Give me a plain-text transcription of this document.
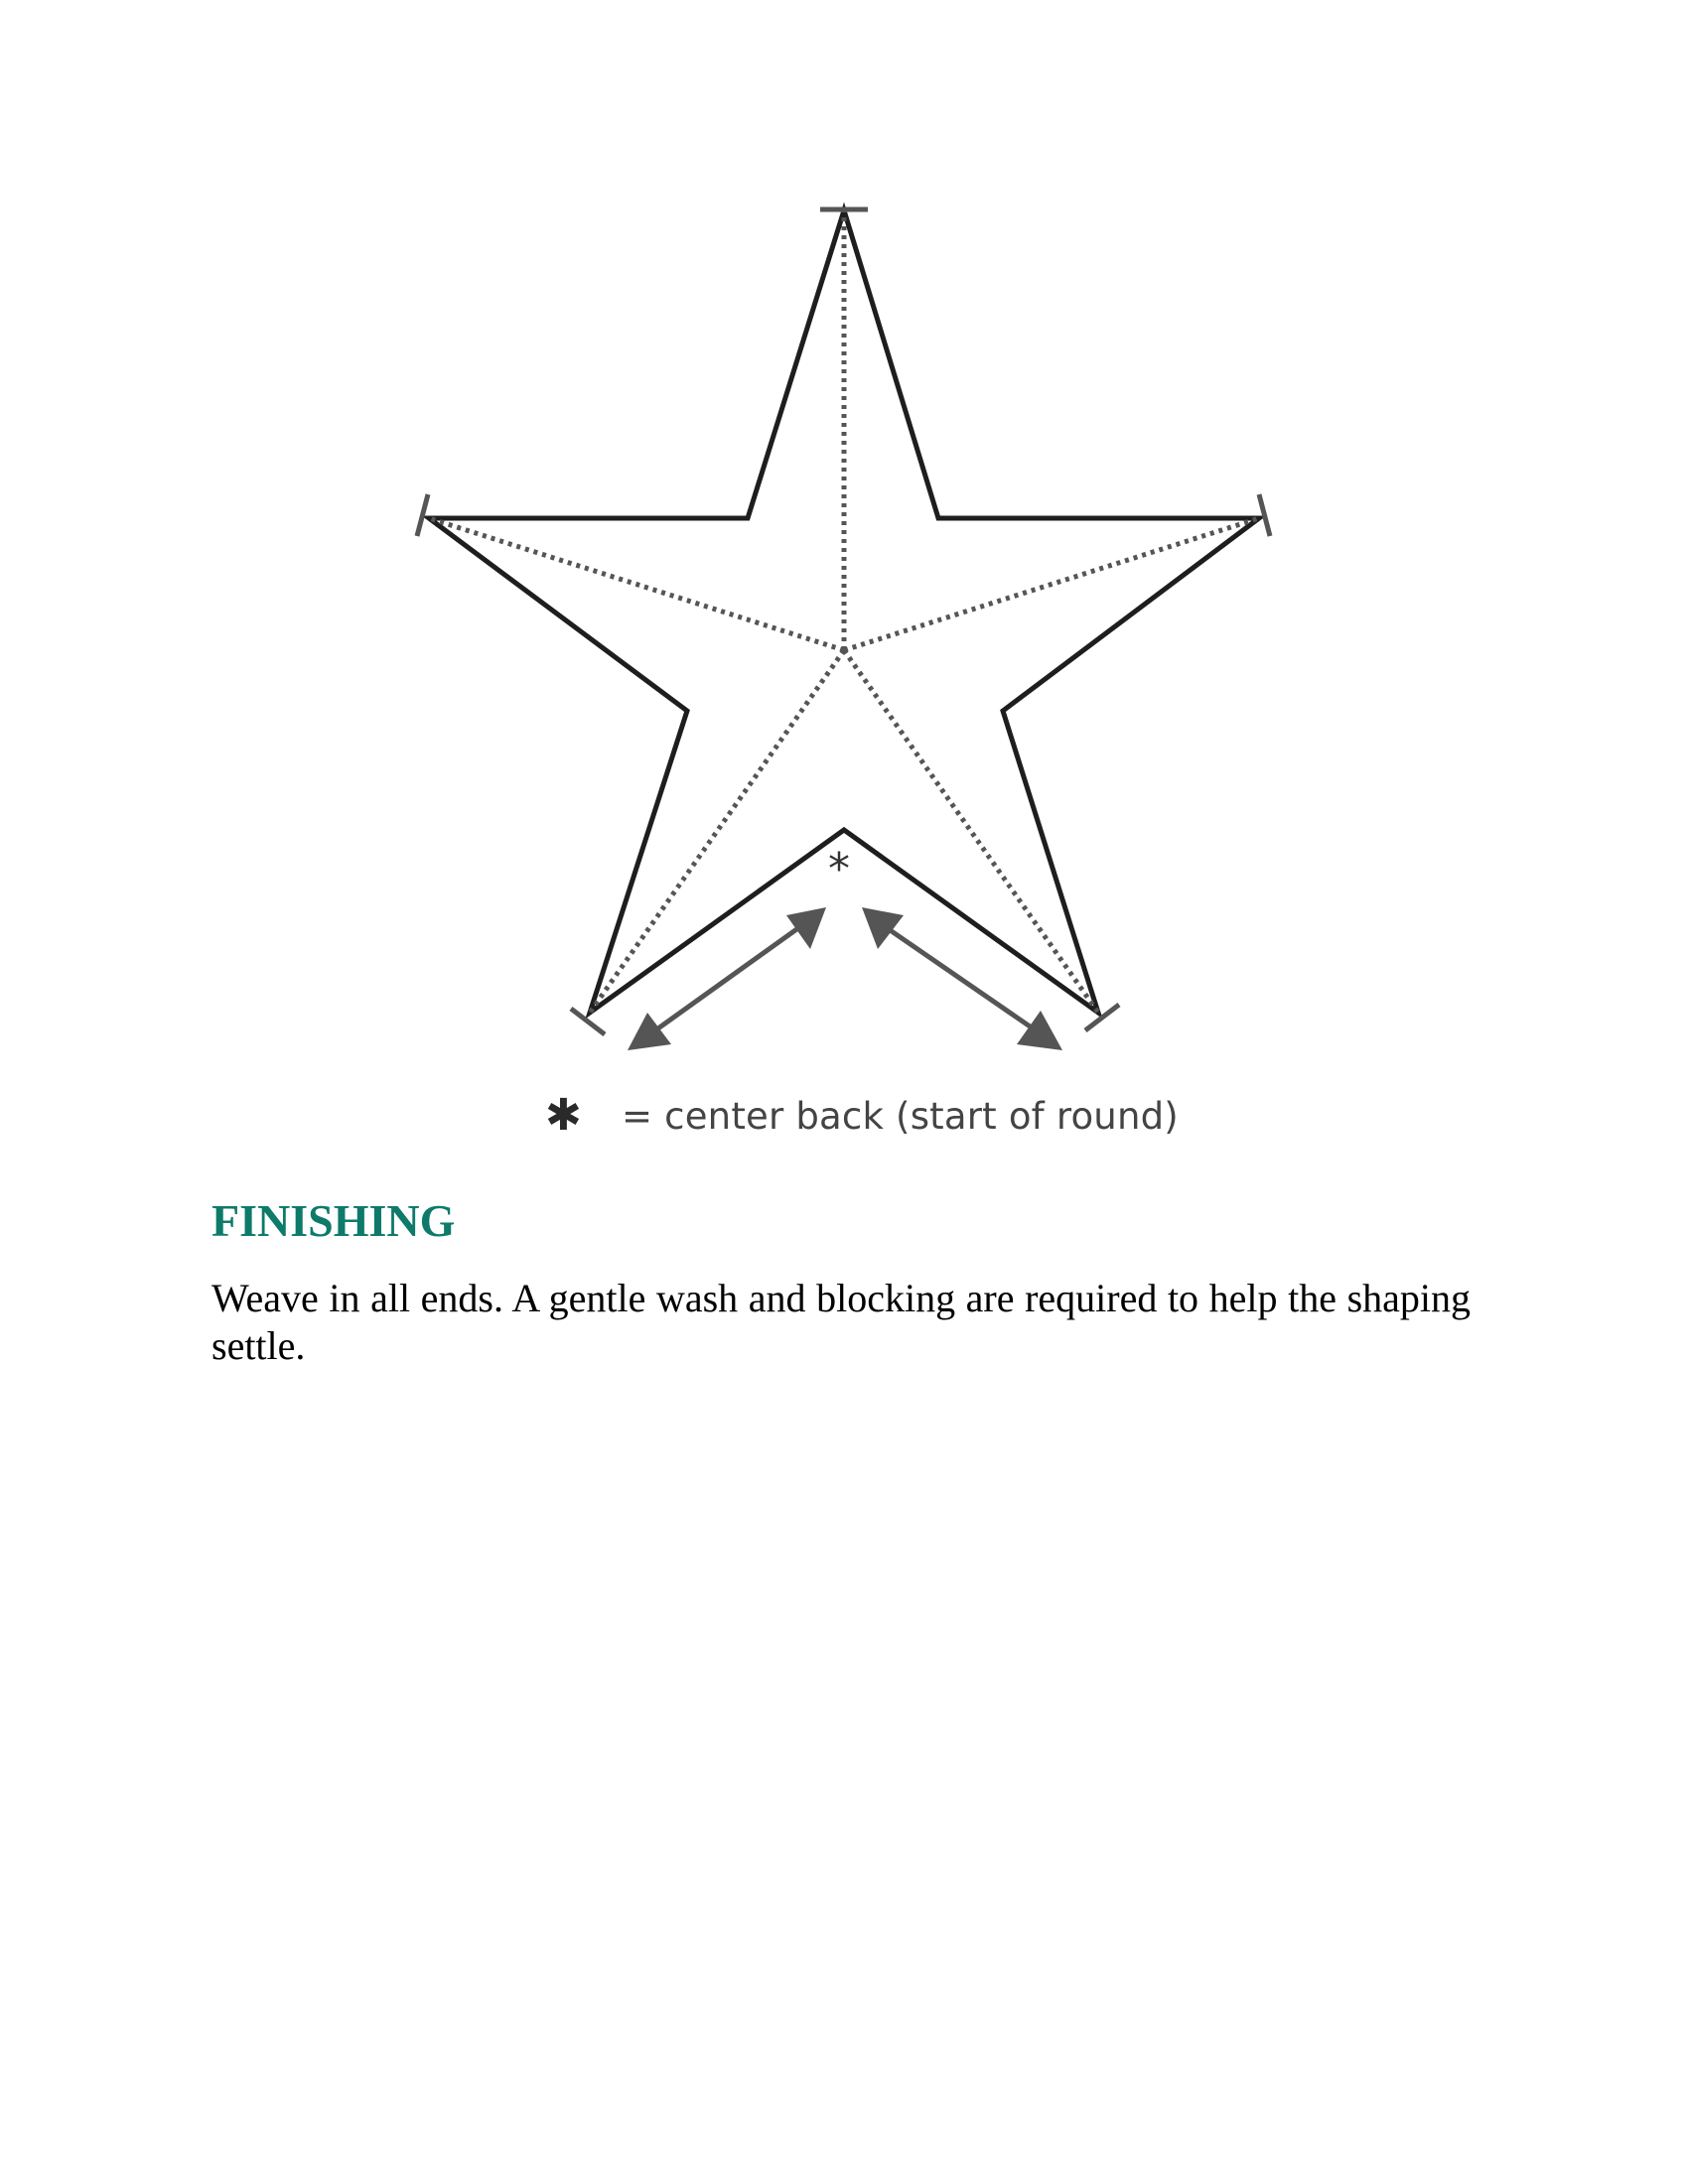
*
✱ = center back (start of round)
FINISHING

Weave in all ends. A gentle wash and blocking are required to help the shaping settle.
